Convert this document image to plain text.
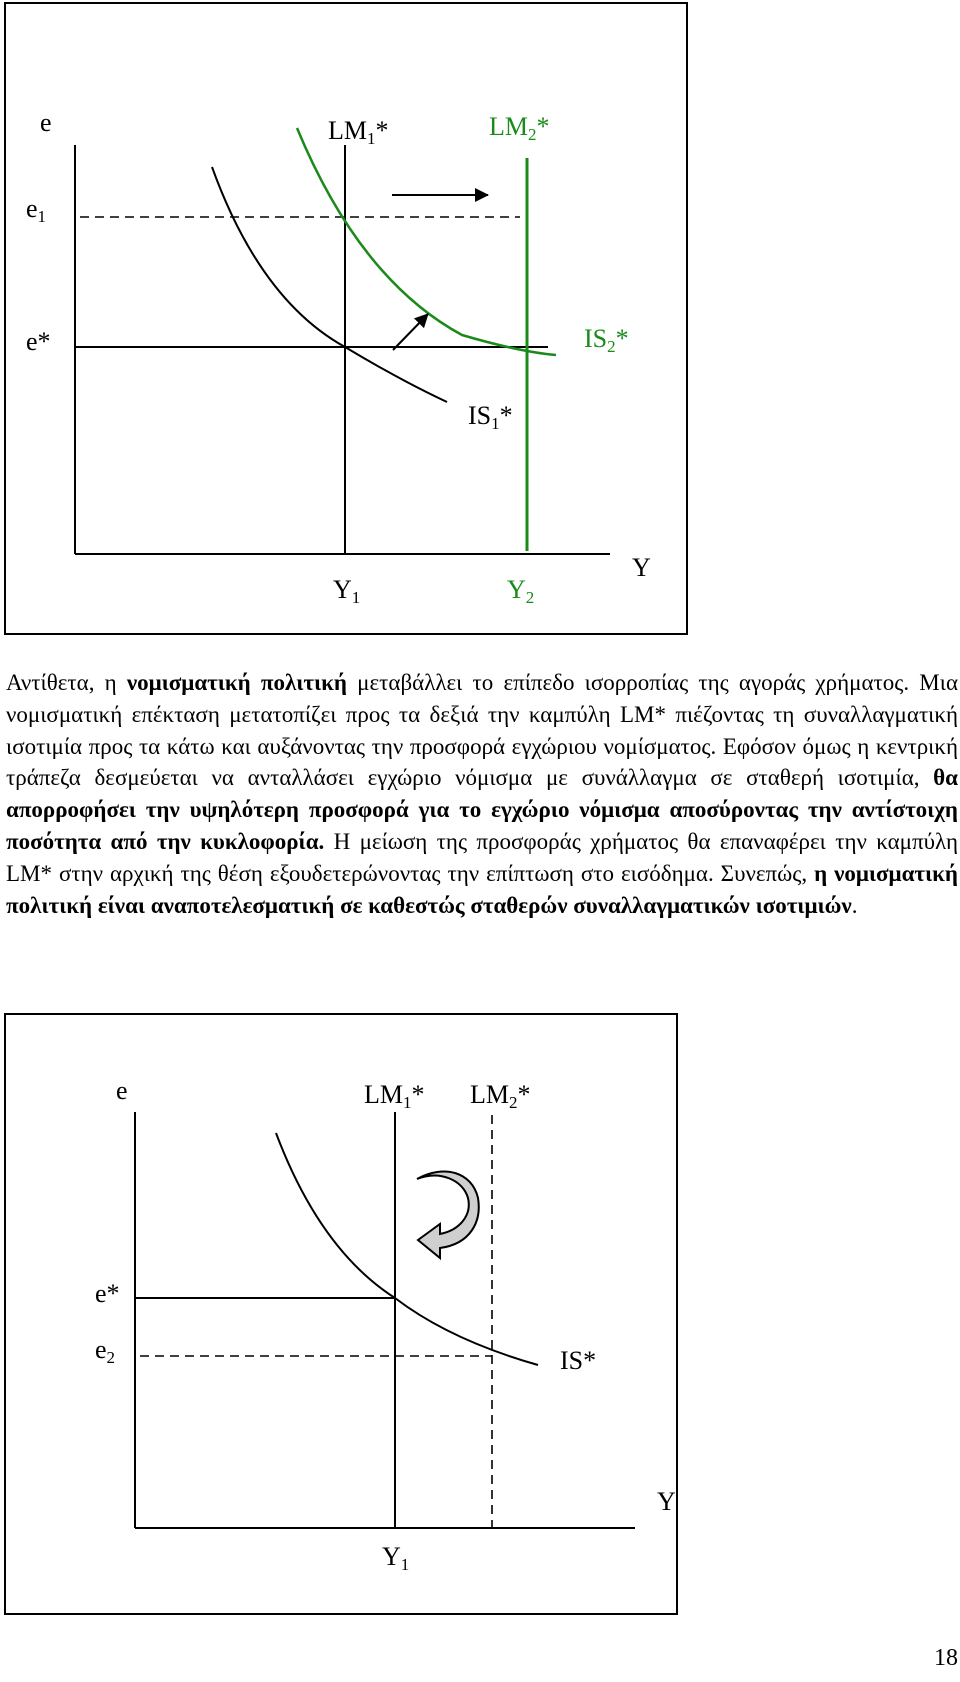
e
e1
e*
LM1*	LM2*
IS2*
IS1*
Y
Y1	Y2
e	LM1* LM2*
e*
e2	IS*
Y
Y1
Αντίθετα, η νομισματική πολιτική μεταβάλλει το επίπεδο ισορροπίας της αγοράς χρήματος. Μια νομισματική επέκταση μετατοπίζει προς τα δεξιά την καμπύλη LM* πιέζοντας τη συναλλαγματική ισοτιμία προς τα κάτω και αυξάνοντας την προσφορά εγχώριου νομίσματος. Εφόσον όμως η κεντρική τράπεζα δεσμεύεται να ανταλλάσει εγχώριο νόμισμα με συνάλλαγμα σε σταθερή ισοτιμία, θα απορροφήσει την υψηλότερη προσφορά για το εγχώριο νόμισμα αποσύροντας την αντίστοιχη ποσότητα από την κυκλοφορία. Η μείωση της προσφοράς χρήματος θα επαναφέρει την καμπύλη LM* στην αρχική της θέση εξουδετερώνοντας την επίπτωση στο εισόδημα. Συνεπώς, η νομισματική πολιτική είναι αναποτελεσματική σε καθεστώς σταθερών συναλλαγματικών ισοτιμιών.
18
